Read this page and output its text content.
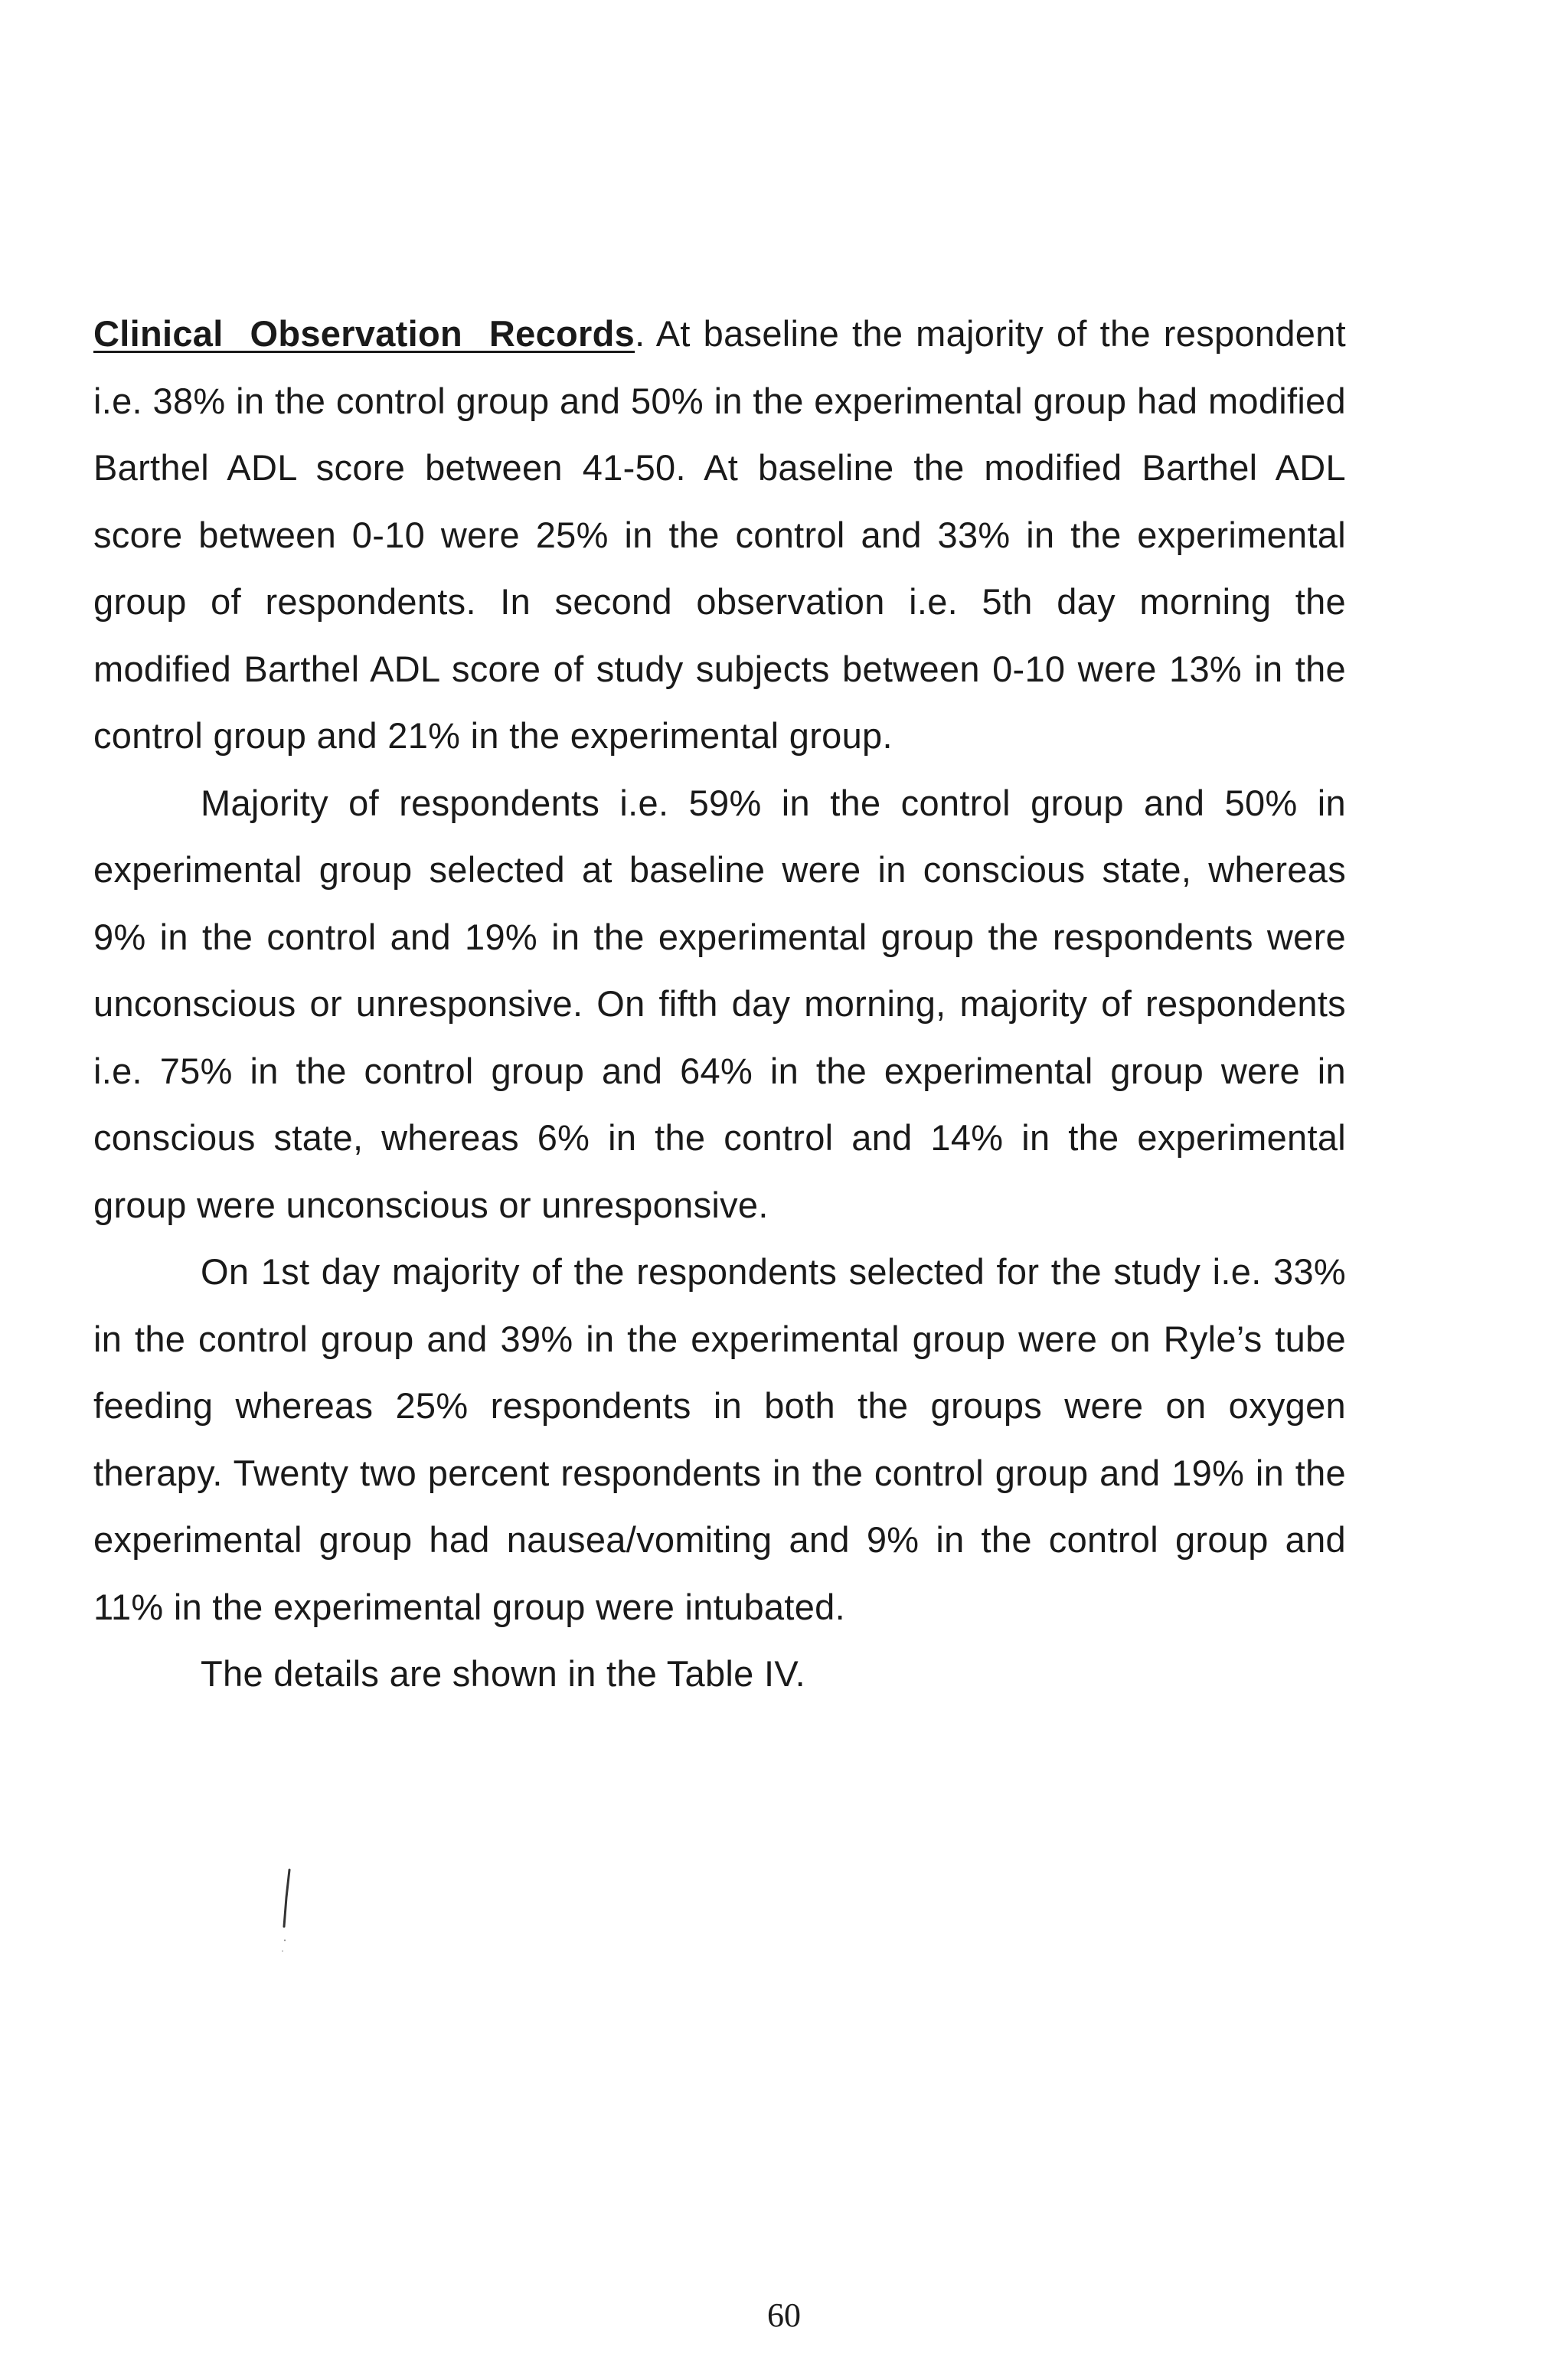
Clinical Observation Records. At baseline the majority of the respondent i.e. 38% in the control group and 50% in the experimental group had modified Barthel ADL score between 41-50. At baseline the modified Barthel ADL score between 0-10 were 25% in the control and 33% in the experimental group of respondents. In second observation i.e. 5th day morning the modified Barthel ADL score of study subjects between 0-10 were 13% in the control group and 21% in the experimental group.

Majority of respondents i.e. 59% in the control group and 50% in experimental group selected at baseline were in conscious state, whereas 9% in the control and 19% in the experimental group the respondents were unconscious or unresponsive. On fifth day morning, majority of respondents i.e. 75% in the control group and 64% in the experimental group were in conscious state, whereas 6% in the control and 14% in the experimental group were unconscious or unresponsive.

On 1st day majority of the respondents selected for the study i.e. 33% in the control group and 39% in the experimental group were on Ryle’s tube feeding whereas 25% respondents in both the groups were on oxygen therapy. Twenty two percent respondents in the control group and 19% in the experimental group had nausea/vomiting and 9% in the control group and 11% in the experimental group were intubated.

The details are shown in the Table IV.

60
